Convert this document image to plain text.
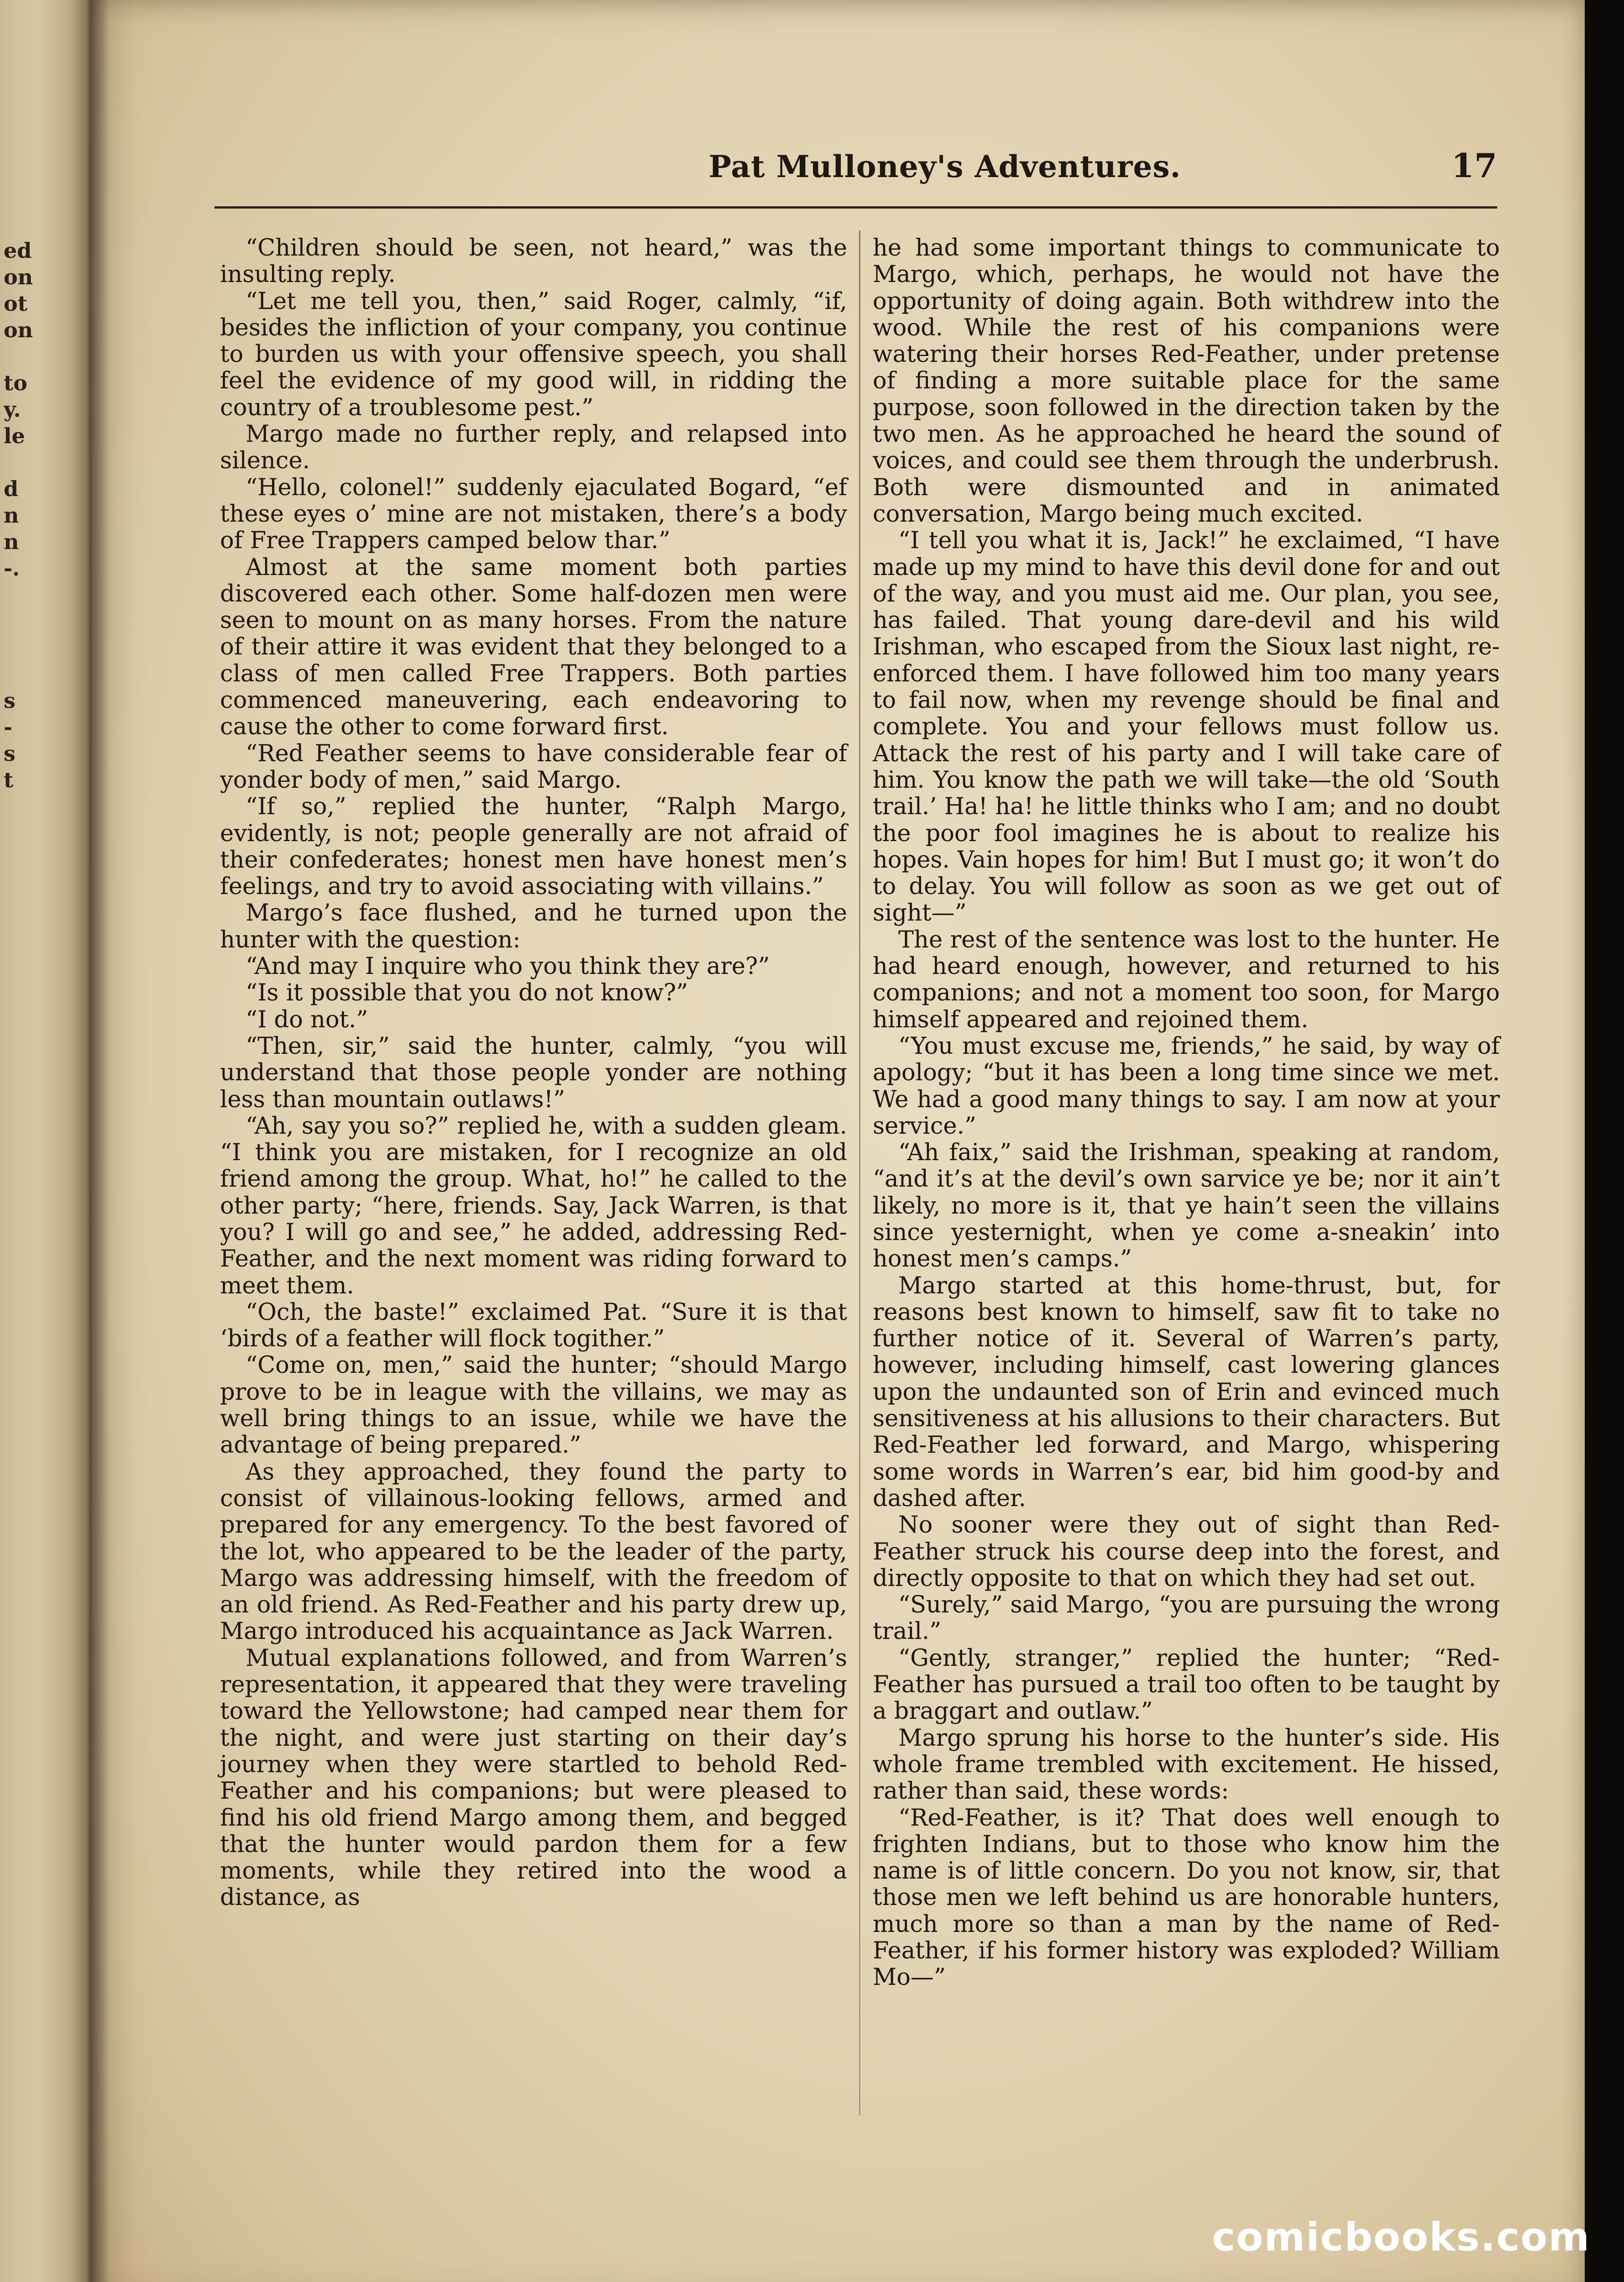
ed
on
ot
on
to
y.
le
d
n
n
-.
s
-
s
t
Pat Mulloney's Adventures.	17

“Children should be seen, not heard,” was the insulting reply.

“Let me tell you, then,” said Roger, calmly, “if, besides the infliction of your company, you continue to burden us with your offensive speech, you shall feel the evidence of my good will, in ridding the country of a troublesome pest.”

Margo made no further reply, and relapsed into silence.

“Hello, colonel!” suddenly ejaculated Bogard, “ef these eyes o’ mine are not mistaken, there’s a body of Free Trappers camped below thar.”

Almost at the same moment both parties discovered each other. Some half-dozen men were seen to mount on as many horses. From the nature of their attire it was evident that they belonged to a class of men called Free Trappers. Both parties commenced maneuvering, each endeavoring to cause the other to come forward first.

“Red Feather seems to have considerable fear of yonder body of men,” said Margo.

“If so,” replied the hunter, “Ralph Margo, evidently, is not; people generally are not afraid of their confederates; honest men have honest men’s feelings, and try to avoid associating with villains.”

Margo’s face flushed, and he turned upon the hunter with the question:

“And may I inquire who you think they are?”

“Is it possible that you do not know?”

“I do not.”

“Then, sir,” said the hunter, calmly, “you will understand that those people yonder are nothing less than mountain outlaws!”

“Ah, say you so?” replied he, with a sudden gleam. “I think you are mistaken, for I recognize an old friend among the group. What, ho!” he called to the other party; “here, friends. Say, Jack Warren, is that you? I will go and see,” he added, addressing Red-Feather, and the next moment was riding forward to meet them.

“Och, the baste!” exclaimed Pat. “Sure it is that ‘birds of a feather will flock togither.”

“Come on, men,” said the hunter; “should Margo prove to be in league with the villains, we may as well bring things to an issue, while we have the advantage of being prepared.”

As they approached, they found the party to consist of villainous-looking fellows, armed and prepared for any emergency. To the best favored of the lot, who appeared to be the leader of the party, Margo was addressing himself, with the freedom of an old friend. As Red-Feather and his party drew up, Margo introduced his acquaintance as Jack Warren.

Mutual explanations followed, and from Warren’s representation, it appeared that they were traveling toward the Yellowstone; had camped near them for the night, and were just starting on their day’s journey when they were startled to behold Red-Feather and his companions; but were pleased to find his old friend Margo among them, and begged that the hunter would pardon them for a few moments, while they retired into the wood a distance, as

he had some important things to communicate to Margo, which, perhaps, he would not have the opportunity of doing again. Both withdrew into the wood. While the rest of his companions were watering their horses Red-Feather, under pretense of finding a more suitable place for the same purpose, soon followed in the direction taken by the two men. As he approached he heard the sound of voices, and could see them through the underbrush. Both were dismounted and in animated conversation, Margo being much excited.

“I tell you what it is, Jack!” he exclaimed, “I have made up my mind to have this devil done for and out of the way, and you must aid me. Our plan, you see, has failed. That young dare-devil and his wild Irishman, who escaped from the Sioux last night, re-enforced them. I have followed him too many years to fail now, when my revenge should be final and complete. You and your fellows must follow us. Attack the rest of his party and I will take care of him. You know the path we will take—the old ‘South trail.’ Ha! ha! he little thinks who I am; and no doubt the poor fool imagines he is about to realize his hopes. Vain hopes for him! But I must go; it won’t do to delay. You will follow as soon as we get out of sight—”

The rest of the sentence was lost to the hunter. He had heard enough, however, and returned to his companions; and not a moment too soon, for Margo himself appeared and rejoined them.

“You must excuse me, friends,” he said, by way of apology; “but it has been a long time since we met. We had a good many things to say. I am now at your service.”

“Ah faix,” said the Irishman, speaking at random, “and it’s at the devil’s own sarvice ye be; nor it ain’t likely, no more is it, that ye hain’t seen the villains since yesternight, when ye come a-sneakin’ into honest men’s camps.”

Margo started at this home-thrust, but, for reasons best known to himself, saw fit to take no further notice of it. Several of Warren’s party, however, including himself, cast lowering glances upon the undaunted son of Erin and evinced much sensitiveness at his allusions to their characters. But Red-Feather led forward, and Margo, whispering some words in Warren’s ear, bid him good-by and dashed after.

No sooner were they out of sight than Red-Feather struck his course deep into the forest, and directly opposite to that on which they had set out.

“Surely,” said Margo, “you are pursuing the wrong trail.”

“Gently, stranger,” replied the hunter; “Red-Feather has pursued a trail too often to be taught by a braggart and outlaw.”

Margo sprung his horse to the hunter’s side. His whole frame trembled with excitement. He hissed, rather than said, these words:

“Red-Feather, is it? That does well enough to frighten Indians, but to those who know him the name is of little concern. Do you not know, sir, that those men we left behind us are honorable hunters, much more so than a man by the name of Red-Feather, if his former history was exploded? William Mo—”

comicbooks.com
